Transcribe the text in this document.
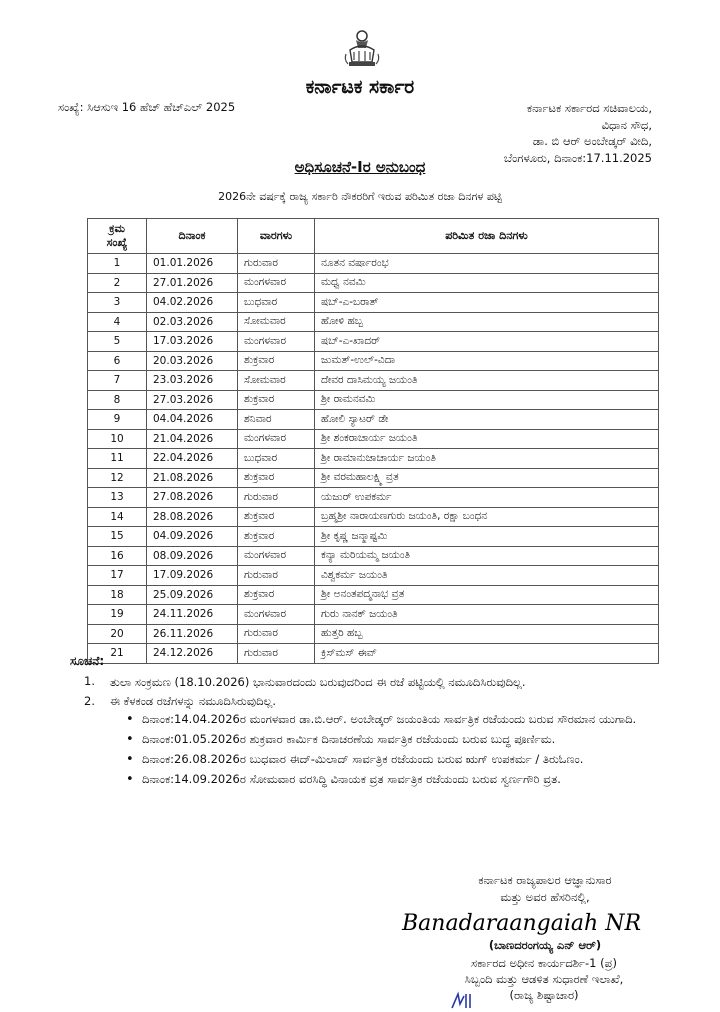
ಕರ್ನಾಟಕ ಸರ್ಕಾರ
ಸಂಖ್ಯೆ: ಸಿಆಸುಇ 16 ಹೆಚ್ ಹೆಚ್ಎಲ್ 2025	ಕರ್ನಾಟಕ ಸರ್ಕಾರದ ಸಚಿವಾಲಯ,
ವಿಧಾನ ಸೌಧ,
ಡಾ. ಬಿ ಆರ್ ಅಂಬೇಡ್ಕರ್ ವೀದಿ,
ಬೆಂಗಳೂರು, ದಿನಾಂಕ:17.11.2025
ಅಧಿಸೂಚನೆ-Iರ ಅನುಬಂಧ
2026ನೇ ವರ್ಷಕ್ಕೆ ರಾಜ್ಯ ಸರ್ಕಾರಿ ನೌಕರರಿಗೆ ಇರುವ ಪರಿಮಿತ ರಜಾ ದಿನಗಳ ಪಟ್ಟಿ
ಕ್ರಮ
ಸಂಖ್ಯೆ	ದಿನಾಂಕ	ವಾರಗಳು	ಪರಿಮಿತ ರಜಾ ದಿನಗಳು
1	01.01.2026	ಗುರುವಾರ	ನೂತನ ವರ್ಷಾರಂಭ
2	27.01.2026	ಮಂಗಳವಾರ	ಮಧ್ವ ನವಮಿ
3	04.02.2026	ಬುಧವಾರ	ಷಬ್-ಎ-ಬರಾತ್
4	02.03.2026	ಸೋಮವಾರ	ಹೋಳಿ ಹಬ್ಬ
5	17.03.2026	ಮಂಗಳವಾರ	ಷಬ್-ಎ-ಖಾದರ್
6	20.03.2026	ಶುಕ್ರವಾರ	ಜುಮತ್-ಉಲ್-ವಿದಾ
7	23.03.2026	ಸೋಮವಾರ	ದೇವರ ದಾಸಿಮಯ್ಯ ಜಯಂತಿ
8	27.03.2026	ಶುಕ್ರವಾರ	ಶ್ರೀ ರಾಮನವಮಿ
9	04.04.2026	ಶನಿವಾರ	ಹೋಲಿ ಸ್ಯಾಟರ್ ಡೇ
10	21.04.2026	ಮಂಗಳವಾರ	ಶ್ರೀ ಶಂಕರಾಚಾರ್ಯ ಜಯಂತಿ
11	22.04.2026	ಬುಧವಾರ	ಶ್ರೀ ರಾಮಾನುಜಾಚಾರ್ಯ ಜಯಂತಿ
12	21.08.2026	ಶುಕ್ರವಾರ	ಶ್ರೀ ವರಮಹಾಲಕ್ಷ್ಮಿ ವ್ರತ
13	27.08.2026	ಗುರುವಾರ	ಯಜುರ್ ಉಪಕರ್ಮ
14	28.08.2026	ಶುಕ್ರವಾರ	ಬ್ರಹ್ಮಶ್ರೀ ನಾರಾಯಣಗುರು ಜಯಂತಿ, ರಕ್ಷಾ ಬಂಧನ
15	04.09.2026	ಶುಕ್ರವಾರ	ಶ್ರೀ ಕೃಷ್ಣ ಜನ್ಮಾಷ್ಟಮಿ
16	08.09.2026	ಮಂಗಳವಾರ	ಕನ್ಯಾ ಮರಿಯಮ್ಮ ಜಯಂತಿ
17	17.09.2026	ಗುರುವಾರ	ವಿಶ್ವಕರ್ಮ ಜಯಂತಿ
18	25.09.2026	ಶುಕ್ರವಾರ	ಶ್ರೀ ಅನಂತಪದ್ಮನಾಭ ವ್ರತ
19	24.11.2026	ಮಂಗಳವಾರ	ಗುರು ನಾನಕ್ ಜಯಂತಿ
20	26.11.2026	ಗುರುವಾರ	ಹುತ್ತರಿ ಹಬ್ಬ
21	24.12.2026	ಗುರುವಾರ	ಕ್ರಿಸ್‌ಮಸ್ ಈವ್
ಸೂಚನೆ:
1.	ತುಲಾ ಸಂಕ್ರಮಣ (18.10.2026) ಭಾನುವಾರದಂದು ಬರುವುದರಿಂದ ಈ ರಜೆ ಪಟ್ಟಿಯಲ್ಲಿ ನಮೂದಿಸಿರುವುದಿಲ್ಲ.
2.	ಈ ಕೆಳಕಂಡ ರಜೆಗಳನ್ನು ನಮೂದಿಸಿರುವುದಿಲ್ಲ.
• ದಿನಾಂಕ:14.04.2026ರ ಮಂಗಳವಾರ ಡಾ.ಬಿ.ಆರ್. ಅಂಬೇಡ್ಕರ್ ಜಯಂತಿಯ ಸಾರ್ವತ್ರಿಕ ರಜೆಯಂದು ಬರುವ ಸೌರಮಾನ ಯುಗಾದಿ.
• ದಿನಾಂಕ:01.05.2026ರ ಶುಕ್ರವಾರ ಕಾರ್ಮಿಕ ದಿನಾಚರಣೆಯ ಸಾರ್ವತ್ರಿಕ ರಜೆಯಂದು ಬರುವ ಬುದ್ಧ ಪೂರ್ಣಿಮ.
• ದಿನಾಂಕ:26.08.2026ರ ಬುಧವಾರ ಈದ್-ಮಿಲಾದ್ ಸಾರ್ವತ್ರಿಕ ರಜೆಯಂದು ಬರುವ ಋಗ್ ಉಪಕರ್ಮ / ತಿರುಓಣಂ.
• ದಿನಾಂಕ:14.09.2026ರ ಸೋಮವಾರ ವರಸಿದ್ಧಿ ವಿನಾಯಕ ವ್ರತ ಸಾರ್ವತ್ರಿಕ ರಜೆಯಂದು ಬರುವ ಸ್ವರ್ಣಗೌರಿ ವ್ರತ.
ಕರ್ನಾಟಕ ರಾಜ್ಯಪಾಲರ ಆಜ್ಞಾನುಸಾರ
ಮತ್ತು ಅವರ ಹೆಸರಿನಲ್ಲಿ,
Banadaraangaiah NR
(ಬಾಣದರಂಗಯ್ಯ ಎನ್ ಆರ್)
ಸರ್ಕಾರದ ಅಧೀನ ಕಾರ್ಯದರ್ಶಿ-1 (ಪ್ರ)
ಸಿಬ್ಬಂದಿ ಮತ್ತು ಆಡಳಿತ ಸುಧಾರಣೆ ಇಲಾಖೆ,
(ರಾಜ್ಯ ಶಿಷ್ಟಾಚಾರ)
